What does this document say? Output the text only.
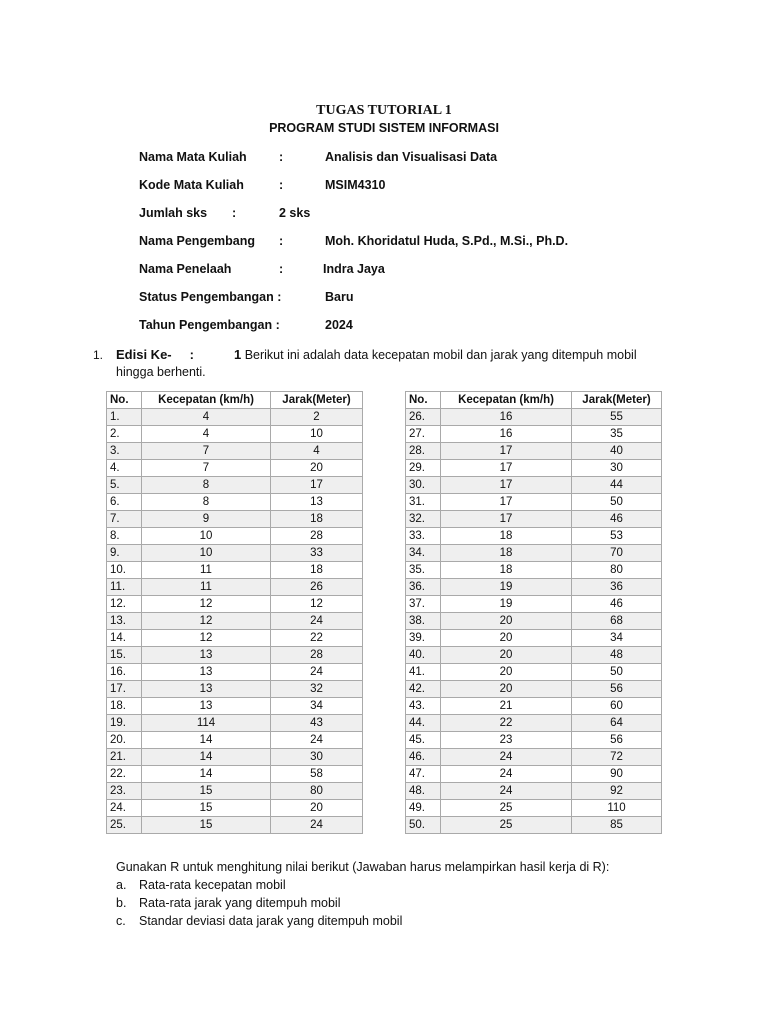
TUGAS TUTORIAL 1
PROGRAM STUDI SISTEM INFORMASI
Nama Mata Kuliah	:	Analisis dan Visualisasi Data
Kode Mata Kuliah	:	MSIM4310
Jumlah sks :	2 sks
Nama Pengembang :	Moh. Khoridatul Huda, S.Pd., M.Si., Ph.D.
Nama Penelaah	:	Indra Jaya
Status Pengembangan :	Baru
Tahun Pengembangan :	2024
1. Edisi Ke- :	1 Berikut ini adalah data kecepatan mobil dan jarak yang ditempuh mobil hingga berhenti.
No.	Kecepatan (km/h)	Jarak(Meter)
1.	4	2
2.	4	10
3.	7	4
4.	7	20
5.	8	17
6.	8	13
7.	9	18
8.	10	28
9.	10	33
10.	11	18
11.	11	26
12.	12	12
13.	12	24
14.	12	22
15.	13	28
16.	13	24
17.	13	32
18.	13	34
19.	114	43
20.	14	24
21.	14	30
22.	14	58
23.	15	80
24.	15	20
25.	15	24
No.	Kecepatan (km/h)	Jarak(Meter)
26.	16	55
27.	16	35
28.	17	40
29.	17	30
30.	17	44
31.	17	50
32.	17	46
33.	18	53
34.	18	70
35.	18	80
36.	19	36
37.	19	46
38.	20	68
39.	20	34
40.	20	48
41.	20	50
42.	20	56
43.	21	60
44.	22	64
45.	23	56
46.	24	72
47.	24	90
48.	24	92
49.	25	110
50.	25	85
Gunakan R untuk menghitung nilai berikut (Jawaban harus melampirkan hasil kerja di R):
a. Rata-rata kecepatan mobil
b. Rata-rata jarak yang ditempuh mobil
c. Standar deviasi data jarak yang ditempuh mobil
